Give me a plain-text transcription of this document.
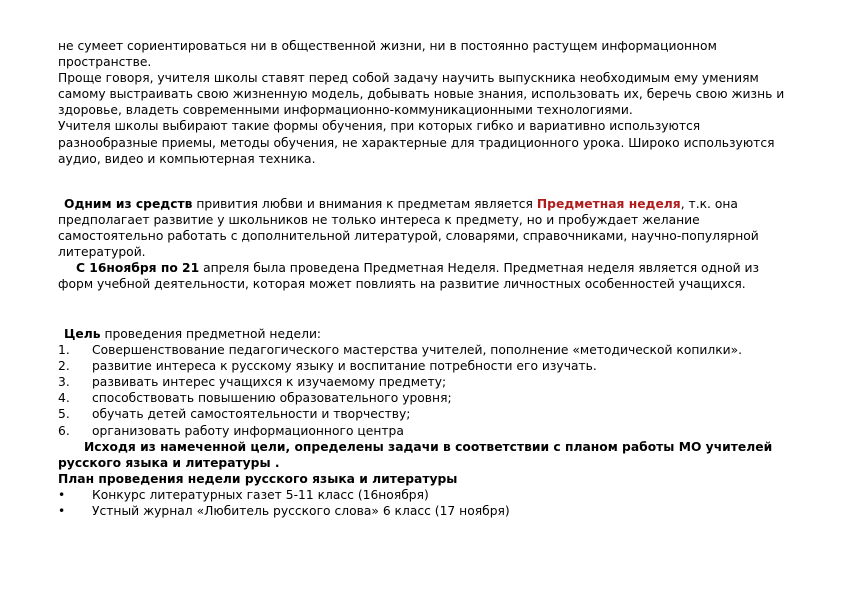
не сумеет сориентироваться ни в общественной жизни, ни в постоянно растущем информационном пространстве.

Проще говоря, учителя школы ставят перед собой задачу научить выпускника необходимым ему умениям самому выстраивать свою жизненную модель, добывать новые знания, использовать их, беречь свою жизнь и здоровье, владеть современными информационно-коммуникационными технологиями.

Учителя школы выбирают такие формы обучения, при которых гибко и вариативно используются разнообразные приемы, методы обучения, не характерные для традиционного урока. Широко используются аудио, видео и компьютерная техника.

Одним из средств привития любви и внимания к предметам является Предметная неделя, т.к. она предполагает развитие у школьников не только интереса к предмету, но и пробуждает желание самостоятельно работать с дополнительной литературой, словарями, справочниками, научно-популярной литературой.

С 16ноября по 21 апреля была проведена Предметная Неделя. Предметная неделя является одной из форм учебной деятельности, которая может повлиять на развитие личностных особенностей учащихся.

Цель проведения предметной недели:

1.	Совершенствование педагогического мастерства учителей, пополнение «методической копилки».
2.	развитие интереса к русскому языку и воспитание потребности его изучать.
3.	развивать интерес учащихся к изучаемому предмету;
4.	способствовать повышению образовательного уровня;
5.	обучать детей самостоятельности и творчеству;
6.	организовать работу информационного центра

Исходя из намеченной цели, определены задачи в соответствии с планом работы МО учителей русского языка и литературы .

План проведения недели русского языка и литературы

•	Конкурс литературных газет 5-11 класс (16ноября)
•	Устный журнал «Любитель русского слова» 6 класс (17 ноября)
